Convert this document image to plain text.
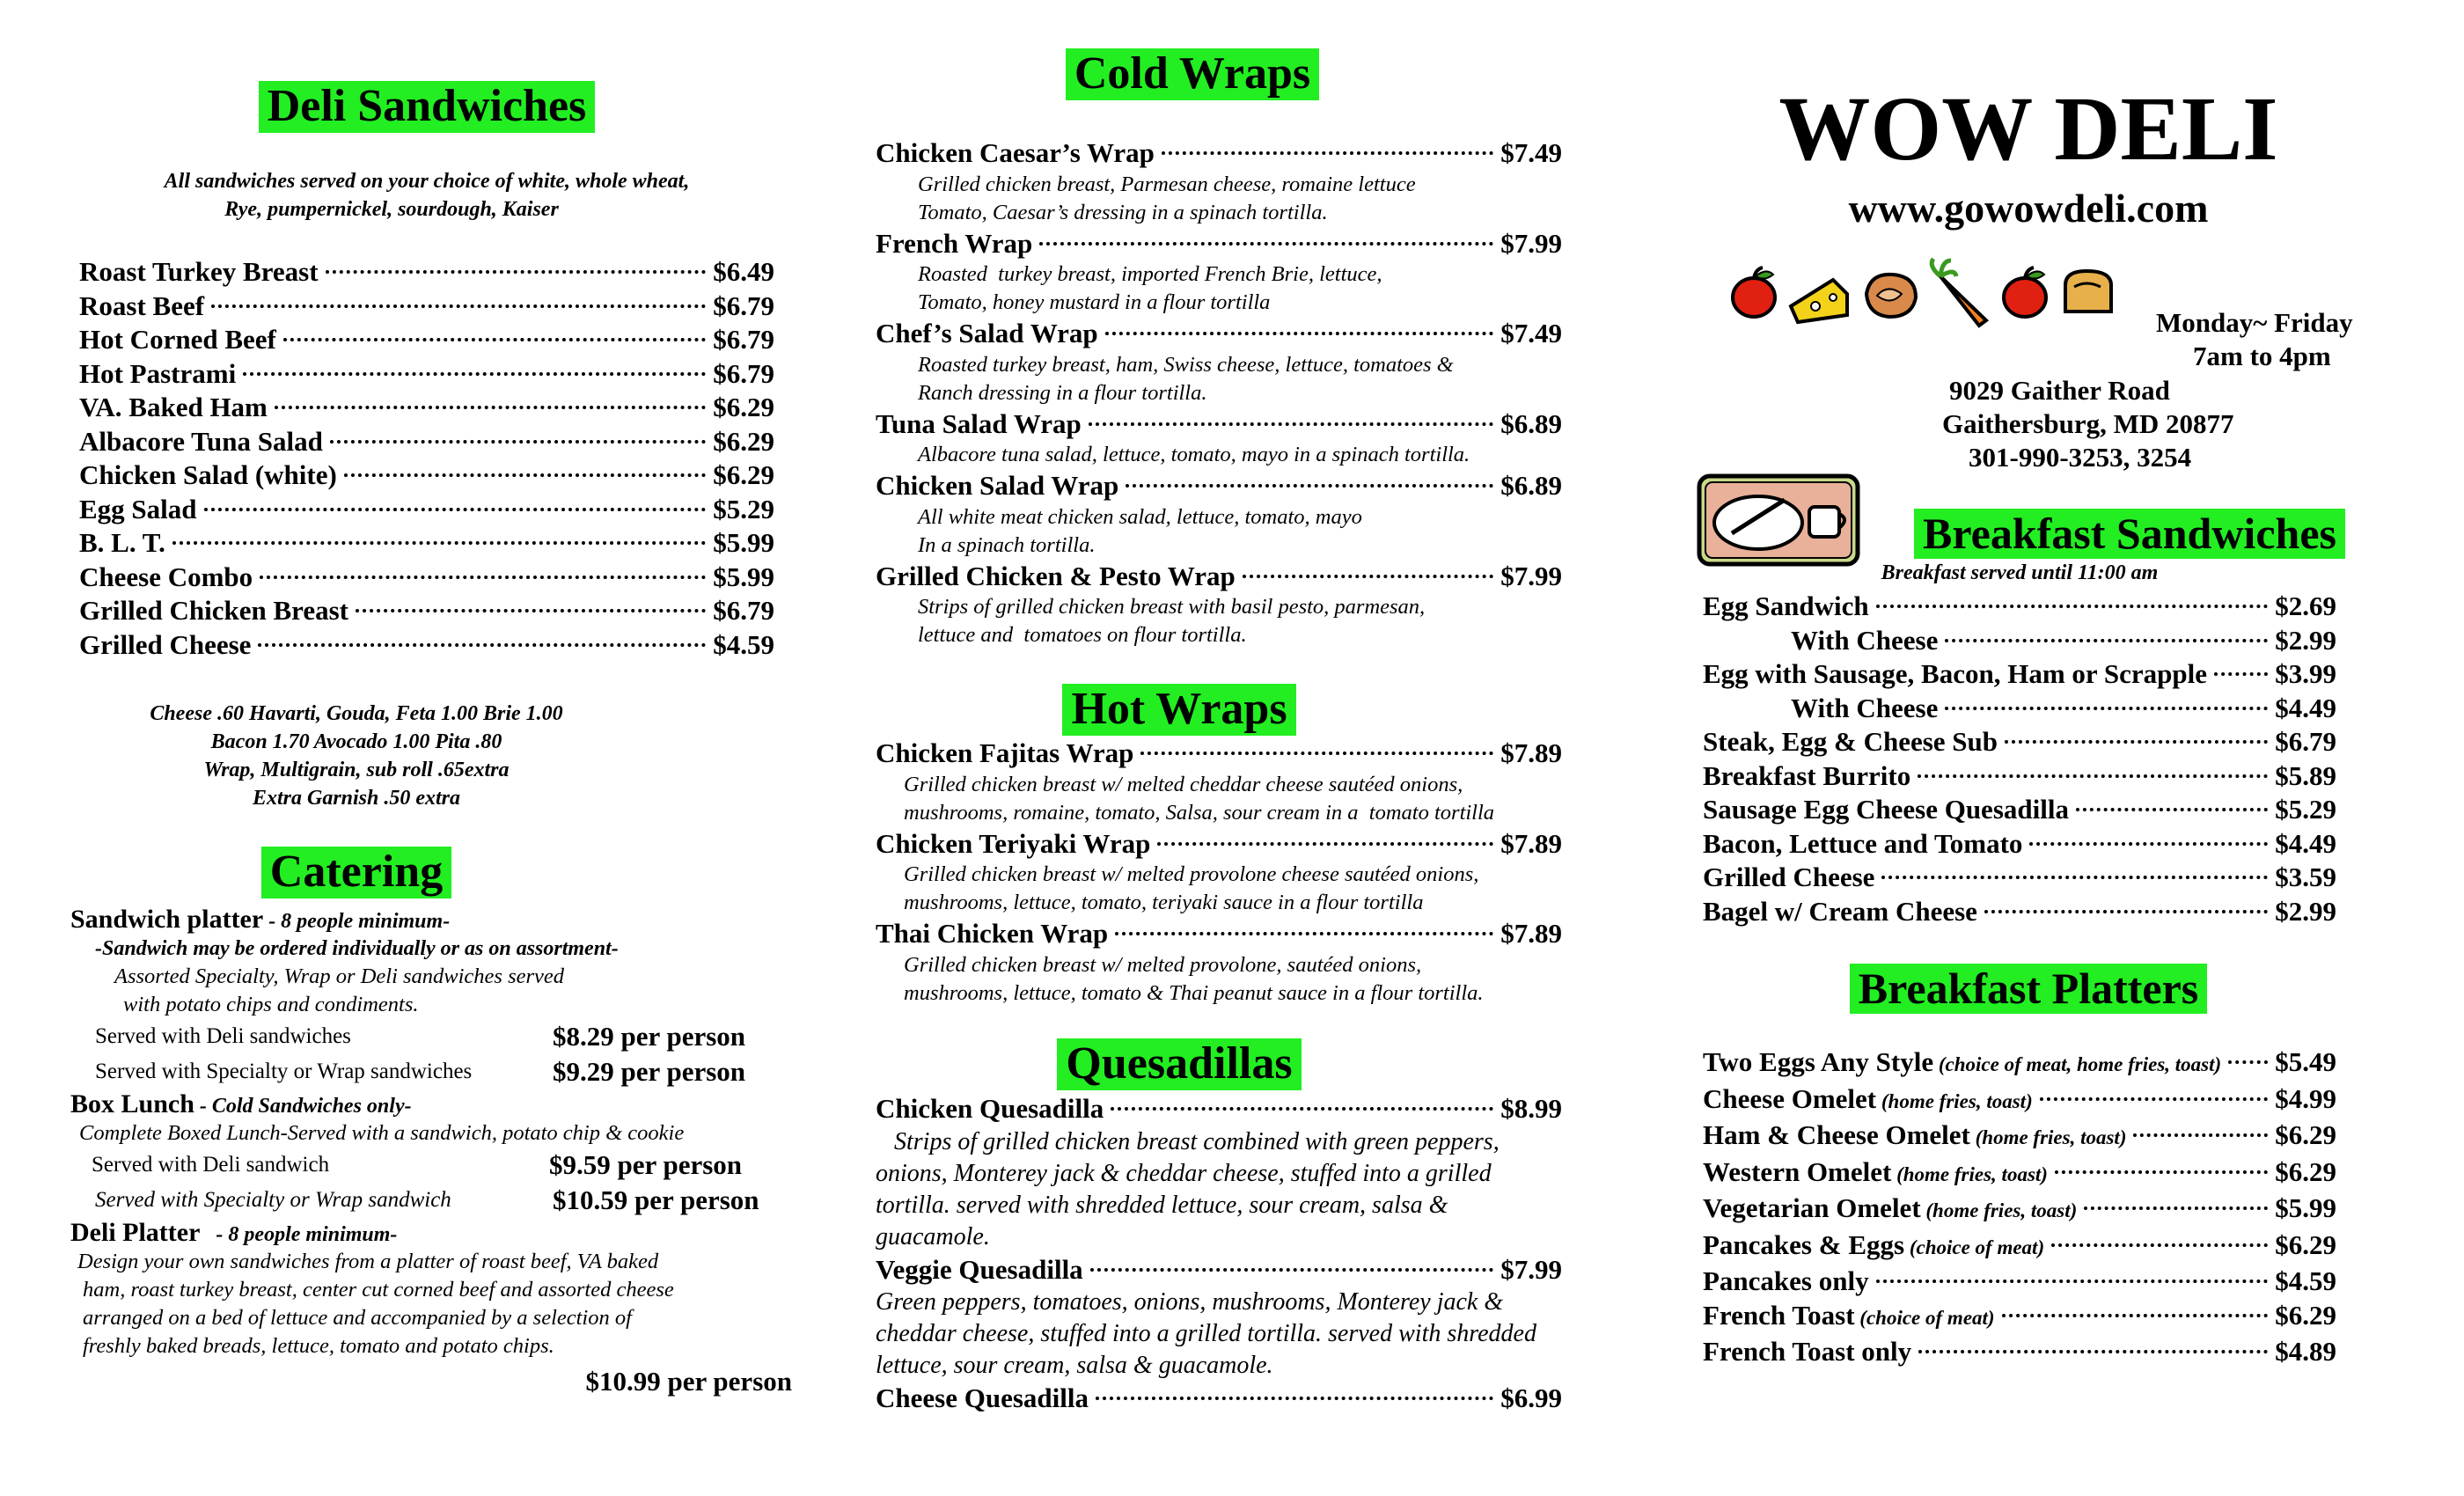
Deli Sandwiches
All sandwiches served on your choice of white, whole wheat,
Rye, pumpernickel, sourdough, Kaiser
Roast Turkey Breast	$6.49
Roast Beef	$6.79
Hot Corned Beef	$6.79
Hot Pastrami	$6.79
VA. Baked Ham	$6.29
Albacore Tuna Salad	$6.29
Chicken Salad (white)	$6.29
Egg Salad	$5.29
B. L. T.	$5.99
Cheese Combo	$5.99
Grilled Chicken Breast	$6.79
Grilled Cheese	$4.59
Cheese .60 Havarti, Gouda, Feta 1.00 Brie 1.00
Bacon 1.70 Avocado 1.00 Pita .80
Wrap, Multigrain, sub roll .65extra
Extra Garnish .50 extra
Catering
Sandwich platter - 8 people minimum-
-Sandwich may be ordered individually or as on assortment-
Assorted Specialty, Wrap or Deli sandwiches served
with potato chips and condiments.
Served with Deli sandwiches	$8.29 per person
Served with Specialty or Wrap sandwiches	$9.29 per person
Box Lunch - Cold Sandwiches only-
Complete Boxed Lunch-Served with a sandwich, potato chip & cookie
Served with Deli sandwich	$9.59 per person
Served with Specialty or Wrap sandwich	$10.59 per person
Deli Platter   - 8 people minimum-
Design your own sandwiches from a platter of roast beef, VA baked
ham, roast turkey breast, center cut corned beef and assorted cheese
arranged on a bed of lettuce and accompanied by a selection of
freshly baked breads, lettuce, tomato and potato chips.
$10.99 per person
Cold Wraps
Chicken Caesar’s Wrap	$7.49
Grilled chicken breast, Parmesan cheese, romaine lettuce
Tomato, Caesar’s dressing in a spinach tortilla.
French Wrap	$7.99
Roasted  turkey breast, imported French Brie, lettuce,
Tomato, honey mustard in a flour tortilla
Chef’s Salad Wrap	$7.49
Roasted turkey breast, ham, Swiss cheese, lettuce, tomatoes &
Ranch dressing in a flour tortilla.
Tuna Salad Wrap	$6.89
Albacore tuna salad, lettuce, tomato, mayo in a spinach tortilla.
Chicken Salad Wrap	$6.89
All white meat chicken salad, lettuce, tomato, mayo
In a spinach tortilla.
Grilled Chicken & Pesto Wrap	$7.99
Strips of grilled chicken breast with basil pesto, parmesan,
lettuce and  tomatoes on flour tortilla.
Hot Wraps
Chicken Fajitas Wrap	$7.89
Grilled chicken breast w/ melted cheddar cheese sautéed onions,
mushrooms, romaine, tomato, Salsa, sour cream in a  tomato tortilla
Chicken Teriyaki Wrap	$7.89
Grilled chicken breast w/ melted provolone cheese sautéed onions,
mushrooms, lettuce, tomato, teriyaki sauce in a flour tortilla
Thai Chicken Wrap	$7.89
Grilled chicken breast w/ melted provolone, sautéed onions,
mushrooms, lettuce, tomato & Thai peanut sauce in a flour tortilla.
Quesadillas
Chicken Quesadilla	$8.99
Strips of grilled chicken breast combined with green peppers,
onions, Monterey jack & cheddar cheese, stuffed into a grilled
tortilla. served with shredded lettuce, sour cream, salsa &
guacamole.
Veggie Quesadilla	$7.99
Green peppers, tomatoes, onions, mushrooms, Monterey jack &
cheddar cheese, stuffed into a grilled tortilla. served with shredded
lettuce, sour cream, salsa & guacamole.
Cheese Quesadilla	$6.99
WOW DELI
www.gowowdeli.com
Monday~ Friday
7am to 4pm
9029 Gaither Road
Gaithersburg, MD 20877
301-990-3253, 3254
Breakfast Sandwiches
Breakfast served until 11:00 am
Egg Sandwich	$2.69
With Cheese	$2.99
Egg with Sausage, Bacon, Ham or Scrapple $3.99
With Cheese	$4.49
Steak, Egg & Cheese Sub	$6.79
Breakfast Burrito	$5.89
Sausage Egg Cheese Quesadilla	$5.29
Bacon, Lettuce and Tomato	$4.49
Grilled Cheese	$3.59
Bagel w/ Cream Cheese	$2.99
Breakfast Platters
Two Eggs Any Style (choice of meat, home fries, toast) $5.49
Cheese Omelet (home fries, toast)	$4.99
Ham & Cheese Omelet (home fries, toast)	$6.29
Western Omelet (home fries, toast)	$6.29
Vegetarian Omelet (home fries, toast)	$5.99
Pancakes & Eggs (choice of meat)	$6.29
Pancakes only	$4.59
French Toast (choice of meat)	$6.29
French Toast only	$4.89
